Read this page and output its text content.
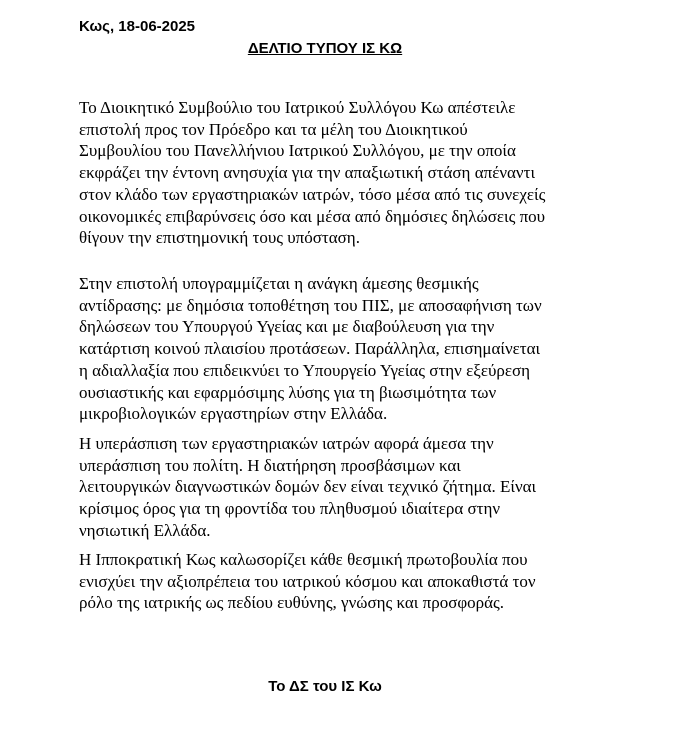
Κως, 18-06-2025
ΔΕΛΤΙΟ ΤΥΠΟΥ ΙΣ ΚΩ

Το Διοικητικό Συμβούλιο του Ιατρικού Συλλόγου Κω απέστειλε
επιστολή προς τον Πρόεδρο και τα μέλη του Διοικητικού
Συμβουλίου του Πανελλήνιου Ιατρικού Συλλόγου, με την οποία
εκφράζει την έντονη ανησυχία για την απαξιωτική στάση απέναντι
στον κλάδο των εργαστηριακών ιατρών, τόσο μέσα από τις συνεχείς
οικονομικές επιβαρύνσεις όσο και μέσα από δημόσιες δηλώσεις που
θίγουν την επιστημονική τους υπόσταση.

Στην επιστολή υπογραμμίζεται η ανάγκη άμεσης θεσμικής
αντίδρασης: με δημόσια τοποθέτηση του ΠΙΣ, με αποσαφήνιση των
δηλώσεων του Υπουργού Υγείας και με διαβούλευση για την
κατάρτιση κοινού πλαισίου προτάσεων. Παράλληλα, επισημαίνεται
η αδιαλλαξία που επιδεικνύει το Υπουργείο Υγείας στην εξεύρεση
ουσιαστικής και εφαρμόσιμης λύσης για τη βιωσιμότητα των
μικροβιολογικών εργαστηρίων στην Ελλάδα.

Η υπεράσπιση των εργαστηριακών ιατρών αφορά άμεσα την
υπεράσπιση του πολίτη. Η διατήρηση προσβάσιμων και
λειτουργικών διαγνωστικών δομών δεν είναι τεχνικό ζήτημα. Είναι
κρίσιμος όρος για τη φροντίδα του πληθυσμού ιδιαίτερα στην
νησιωτική Ελλάδα.

Η Ιπποκρατική Κως καλωσορίζει κάθε θεσμική πρωτοβουλία που
ενισχύει την αξιοπρέπεια του ιατρικού κόσμου και αποκαθιστά τον
ρόλο της ιατρικής ως πεδίου ευθύνης, γνώσης και προσφοράς.

Το ΔΣ του ΙΣ Κω
